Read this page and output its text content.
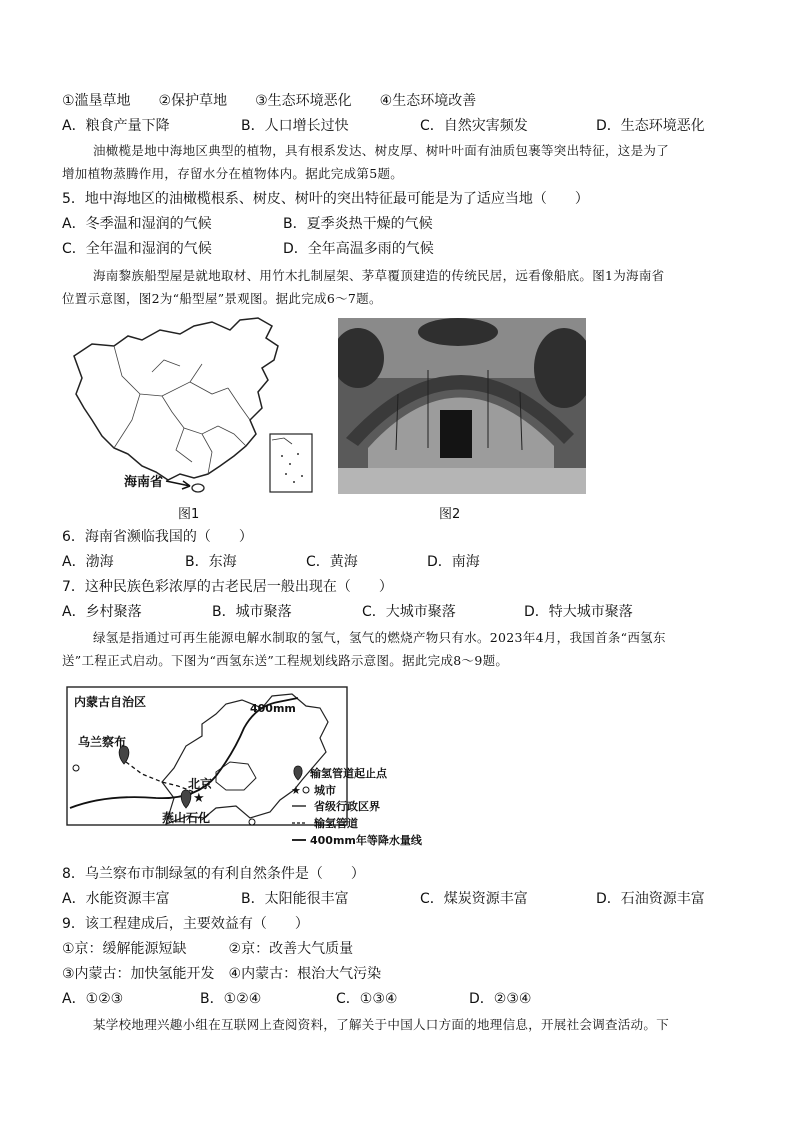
①滥垦草地　　②保护草地　　③生态环境恶化　　④生态环境改善
A．粮食产量下降	B．人口增长过快	C．自然灾害频发	D．生态环境恶化
油橄榄是地中海地区典型的植物，具有根系发达、树皮厚、树叶叶面有油质包裹等突出特征，这是为了
增加植物蒸腾作用，存留水分在植物体内。据此完成第5题。
5．地中海地区的油橄榄根系、树皮、树叶的突出特征最可能是为了适应当地（　　）
A．冬季温和湿润的气候	B．夏季炎热干燥的气候
C．全年温和湿润的气候	D．全年高温多雨的气候
海南黎族船型屋是就地取材、用竹木扎制屋架、茅草覆顶建造的传统民居，远看像船底。图1为海南省
位置示意图，图2为“船型屋”景观图。据此完成6～7题。
海南省
图1	图2
6．海南省濒临我国的（　　）
A．渤海	B．东海	C．黄海	D．南海
7．这种民族色彩浓厚的古老民居一般出现在（　　）
A．乡村聚落	B．城市聚落	C．大城市聚落	D．特大城市聚落
绿氢是指通过可再生能源电解水制取的氢气，氢气的燃烧产物只有水。2023年4月，我国首条“西氢东
送”工程正式启动。下图为“西氢东送”工程规划线路示意图。据此完成8～9题。
内蒙古自治区	400mm
乌兰察布
★
北京
燕山石化
输氢管道起止点
★ 城市
省级行政区界
输氢管道
400mm年等降水量线
8．乌兰察布市制绿氢的有利自然条件是（　　）
A．水能资源丰富	B．太阳能很丰富	C．煤炭资源丰富	D．石油资源丰富
9．该工程建成后，主要效益有（　　）
①京：缓解能源短缺　　　②京：改善大气质量
③内蒙古：加快氢能开发　④内蒙古：根治大气污染
A．①②③	B．①②④	C．①③④	D．②③④
某学校地理兴趣小组在互联网上查阅资料，了解关于中国人口方面的地理信息，开展社会调查活动。下
